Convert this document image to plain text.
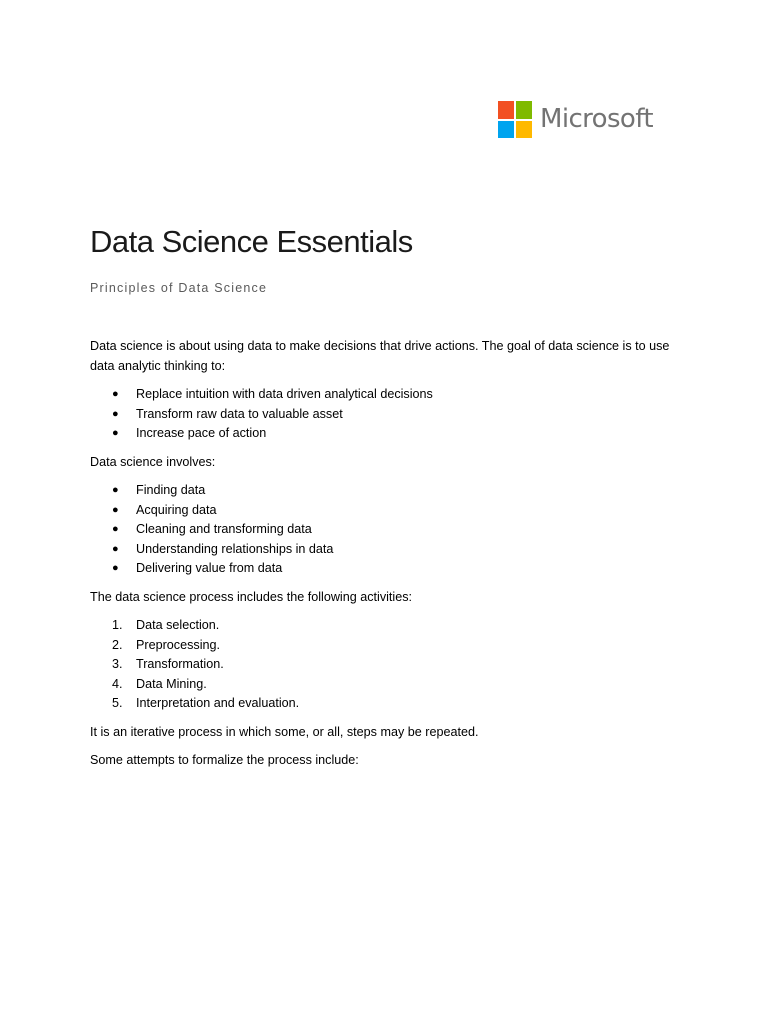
Microsoft
Data Science Essentials

Principles of Data Science

Data science is about using data to make decisions that drive actions. The goal of data science is to use data analytic thinking to:

● Replace intuition with data driven analytical decisions
● Transform raw data to valuable asset
● Increase pace of action

Data science involves:

● Finding data
● Acquiring data
● Cleaning and transforming data
● Understanding relationships in data
● Delivering value from data

The data science process includes the following activities:

1. Data selection.
2. Preprocessing.
3. Transformation.
4. Data Mining.
5. Interpretation and evaluation.

It is an iterative process in which some, or all, steps may be repeated.

Some attempts to formalize the process include:
